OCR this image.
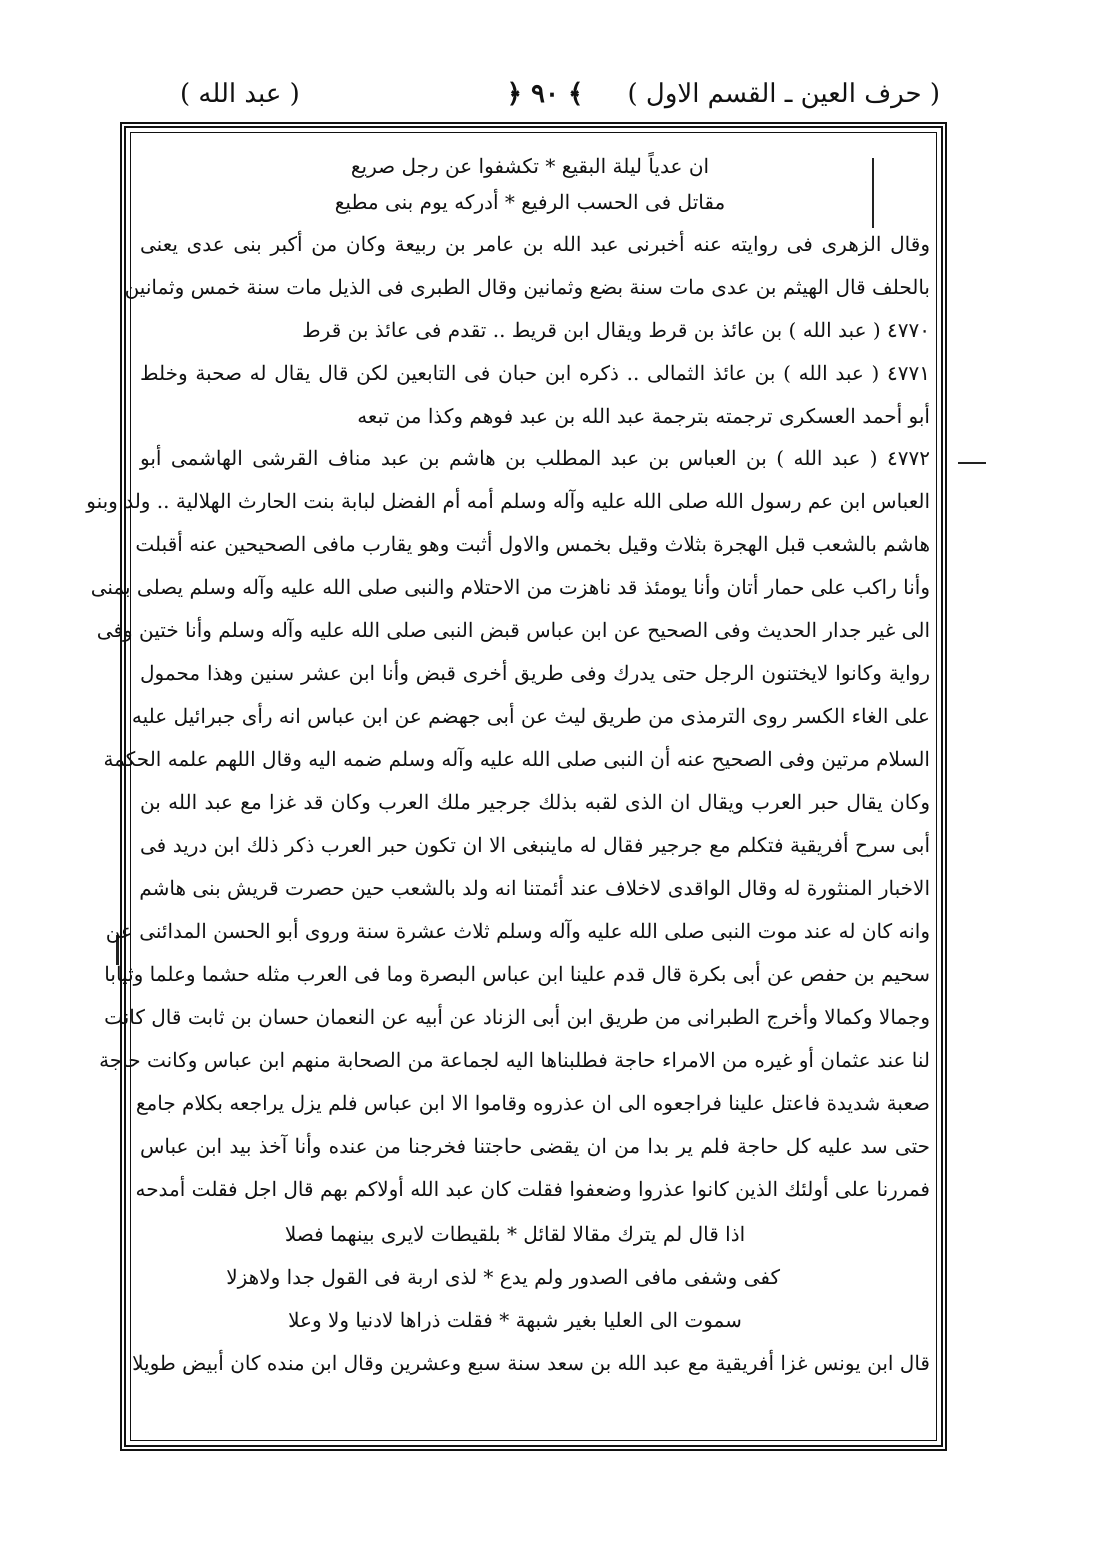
( حرف العين ـ القسم الاول )
﴾ ٩٠ ﴿
( عبد الله )
ان عدياً ليلة البقيع * تكشفوا عن رجل صريع
مقاتل فى الحسب الرفيع * أدركه يوم بنى مطيع
وقال الزهرى فى روايته عنه أخبرنى عبد الله بن عامر بن ربيعة وكان من أكبر بنى عدى يعنى
بالحلف قال الهيثم بن عدى مات سنة بضع وثمانين وقال الطبرى فى الذيل مات سنة خمس وثمانين
٤٧٧٠ ( عبد الله ) بن عائذ بن قرط ويقال ابن قريط .. تقدم فى عائذ بن قرط
٤٧٧١ ( عبد الله ) بن عائذ الثمالى .. ذكره ابن حبان فى التابعين لكن قال يقال له صحبة وخلط
أبو أحمد العسكرى ترجمته بترجمة عبد الله بن عبد فوهم وكذا من تبعه
٤٧٧٢ ( عبد الله ) بن العباس بن عبد المطلب بن هاشم بن عبد مناف القرشى الهاشمى أبو
العباس ابن عم رسول الله صلى الله عليه وآله وسلم أمه أم الفضل لبابة بنت الحارث الهلالية .. ولد وبنو
هاشم بالشعب قبل الهجرة بثلاث وقيل بخمس والاول أثبت وهو يقارب مافى الصحيحين عنه أقبلت
وأنا راكب على حمار أتان وأنا يومئذ قد ناهزت من الاحتلام والنبى صلى الله عليه وآله وسلم يصلى بمنى
الى غير جدار الحديث وفى الصحيح عن ابن عباس قبض النبى صلى الله عليه وآله وسلم وأنا ختين وفى
رواية وكانوا لايختنون الرجل حتى يدرك وفى طريق أخرى قبض وأنا ابن عشر سنين وهذا محمول
على الغاء الكسر روى الترمذى من طريق ليث عن أبى جهضم عن ابن عباس انه رأى جبرائيل عليه
السلام مرتين وفى الصحيح عنه أن النبى صلى الله عليه وآله وسلم ضمه اليه وقال اللهم علمه الحكمة
وكان يقال حبر العرب ويقال ان الذى لقبه بذلك جرجير ملك العرب وكان قد غزا مع عبد الله بن
أبى سرح أفريقية فتكلم مع جرجير فقال له ماينبغى الا ان تكون حبر العرب ذكر ذلك ابن دريد فى
الاخبار المنثورة له وقال الواقدى لاخلاف عند أئمتنا انه ولد بالشعب حين حصرت قريش بنى هاشم
وانه كان له عند موت النبى صلى الله عليه وآله وسلم ثلاث عشرة سنة وروى أبو الحسن المدائنى عن
سحيم بن حفص عن أبى بكرة قال قدم علينا ابن عباس البصرة وما فى العرب مثله حشما وعلما وثيابا
وجمالا وكمالا وأخرج الطبرانى من طريق ابن أبى الزناد عن أبيه عن النعمان حسان بن ثابت قال كانت
لنا عند عثمان أو غيره من الامراء حاجة فطلبناها اليه لجماعة من الصحابة منهم ابن عباس وكانت حاجة
صعبة شديدة فاعتل علينا فراجعوه الى ان عذروه وقاموا الا ابن عباس فلم يزل يراجعه بكلام جامع
حتى سد عليه كل حاجة فلم ير بدا من ان يقضى حاجتنا فخرجنا من عنده وأنا آخذ بيد ابن عباس
فمررنا على أولئك الذين كانوا عذروا وضعفوا فقلت كان عبد الله أولاكم بهم قال اجل فقلت أمدحه
اذا قال لم يترك مقالا لقائل * بلقيطات لايرى بينهما فصلا
كفى وشفى مافى الصدور ولم يدع * لذى اربة فى القول جدا ولاهزلا
سموت الى العليا بغير شبهة * فقلت ذراها لادنيا ولا وعلا
قال ابن يونس غزا أفريقية مع عبد الله بن سعد سنة سبع وعشرين وقال ابن منده كان أبيض طويلا
